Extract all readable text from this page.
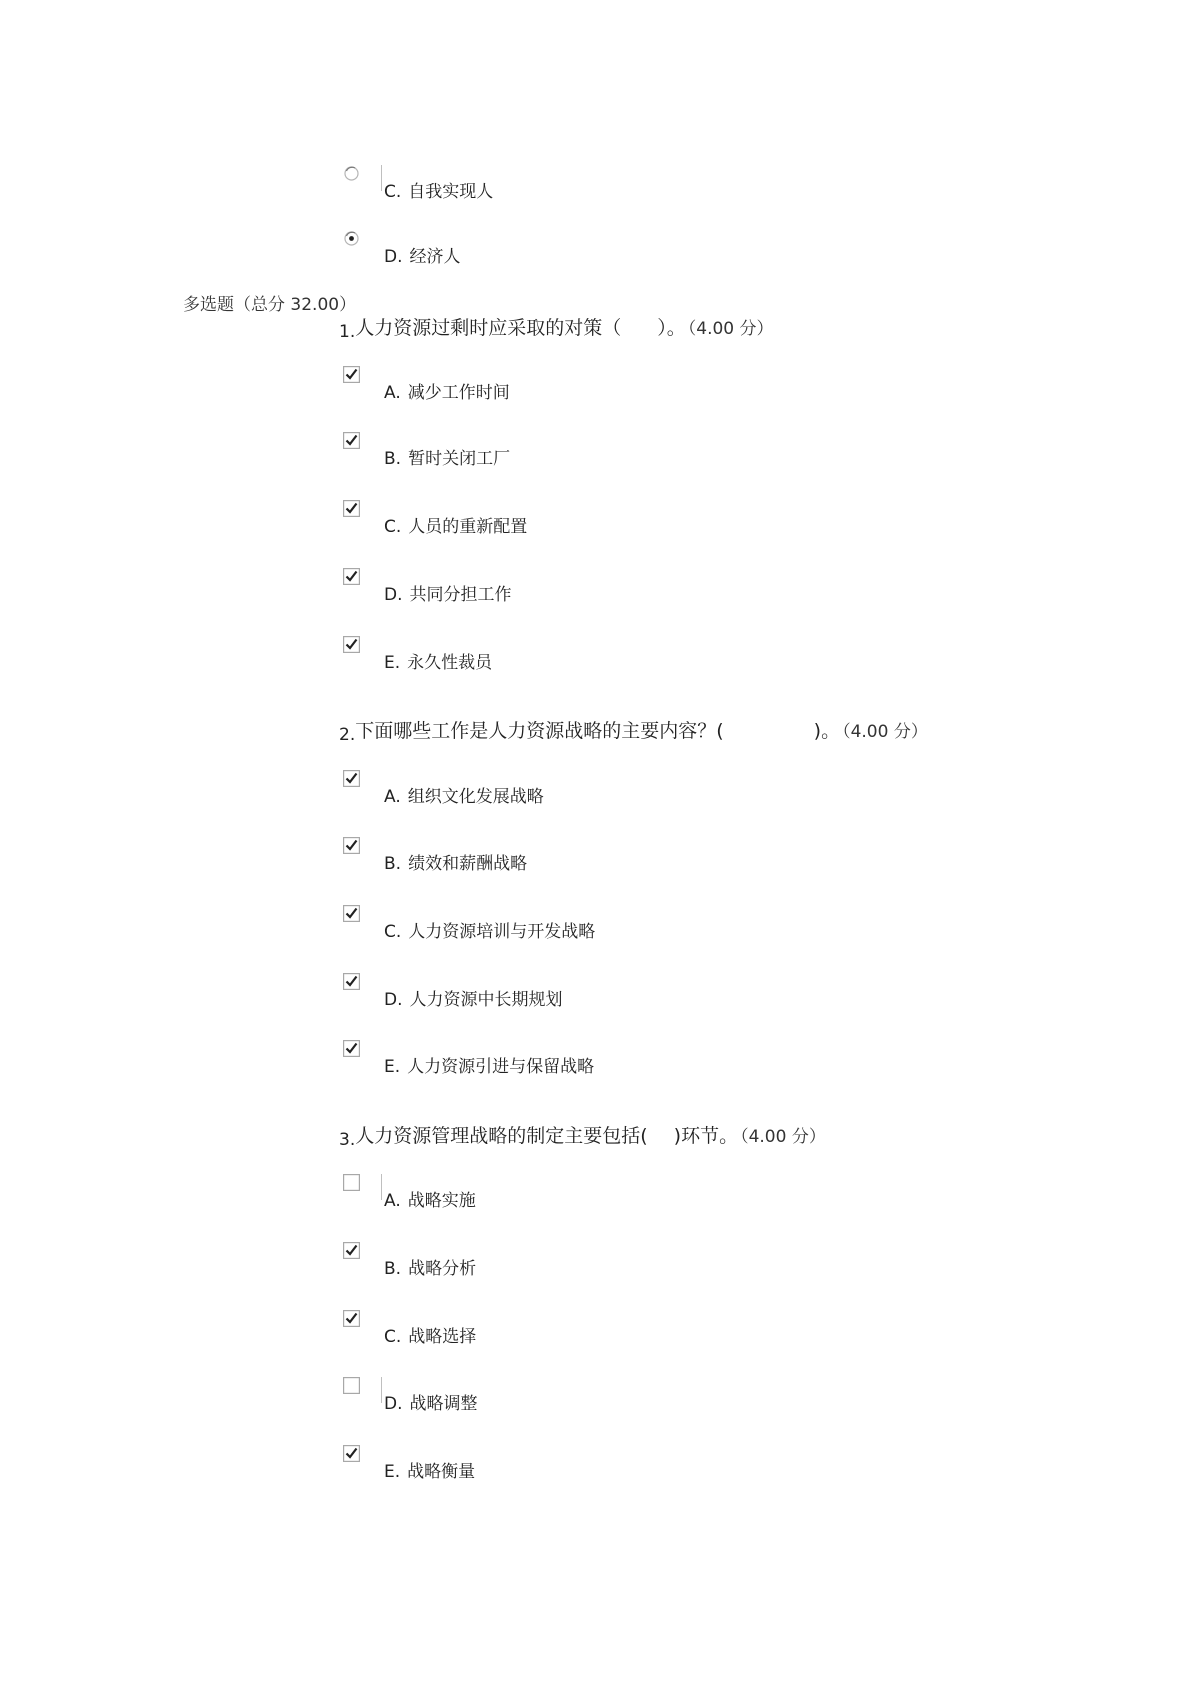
C. 自我实现人
D. 经济人
多选题（总分 32.00）
1.人力资源过剩时应采取的对策（ ）。 （4.00 分）
A. 减少工作时间
B. 暂时关闭工厂
C. 人员的重新配置
D. 共同分担工作
E. 永久性裁员
2.下面哪些工作是人力资源战略的主要内容？(	)。 （4.00 分）
A. 组织文化发展战略
B. 绩效和薪酬战略
C. 人力资源培训与开发战略
D. 人力资源中长期规划
E. 人力资源引进与保留战略
3.人力资源管理战略的制定主要包括( )环节。 （4.00 分）
A. 战略实施
B. 战略分析
C. 战略选择
D. 战略调整
E. 战略衡量
